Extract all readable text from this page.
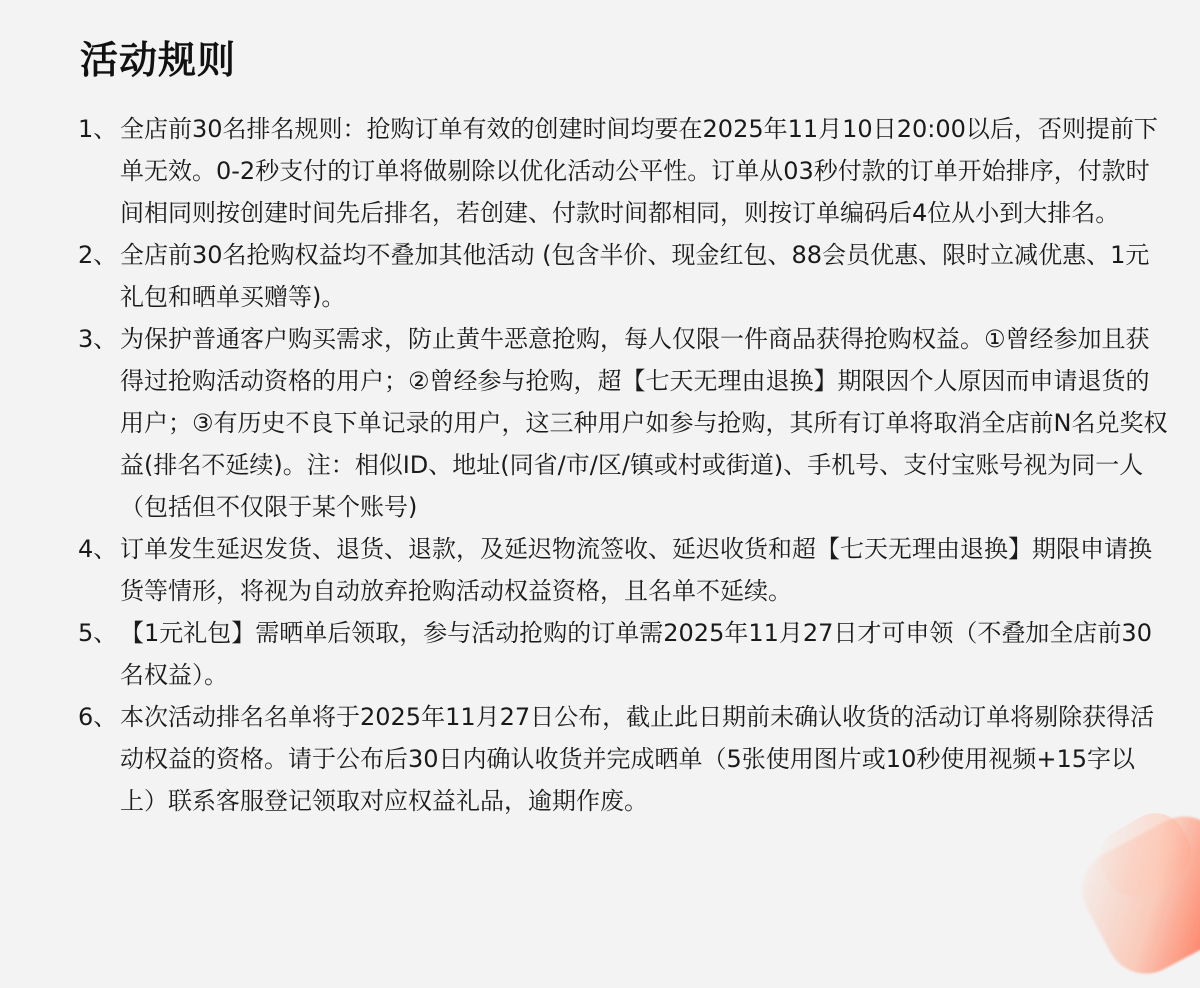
活动规则
1、 全店前30名排名规则：抢购订单有效的创建时间均要在2025年11月10日20:00以后，否则提前下单无效。0-2秒支付的订单将做剔除以优化活动公平性。订单从03秒付款的订单开始排序，付款时间相同则按创建时间先后排名，若创建、付款时间都相同，则按订单编码后4位从小到大排名。
2、 全店前30名抢购权益均不叠加其他活动 (包含半价、现金红包、88会员优惠、限时立减优惠、1元礼包和晒单买赠等)。
3、 为保护普通客户购买需求，防止黄牛恶意抢购，每人仅限一件商品获得抢购权益。①曾经参加且获得过抢购活动资格的用户；②曾经参与抢购，超【七天无理由退换】期限因个人原因而申请退货的用户；③有历史不良下单记录的用户，这三种用户如参与抢购，其所有订单将取消全店前N名兑奖权益(排名不延续)。注：相似ID、地址(同省/市/区/镇或村或街道)、手机号、支付宝账号视为同一人（包括但不仅限于某个账号)
4、 订单发生延迟发货、退货、退款，及延迟物流签收、延迟收货和超【七天无理由退换】期限申请换货等情形，将视为自动放弃抢购活动权益资格，且名单不延续。
5、 【1元礼包】需晒单后领取，参与活动抢购的订单需2025年11月27日才可申领（不叠加全店前30名权益）。
6、 本次活动排名名单将于2025年11月27日公布，截止此日期前未确认收货的活动订单将剔除获得活动权益的资格。请于公布后30日内确认收货并完成晒单（5张使用图片或10秒使用视频+15字以上）联系客服登记领取对应权益礼品，逾期作废。
